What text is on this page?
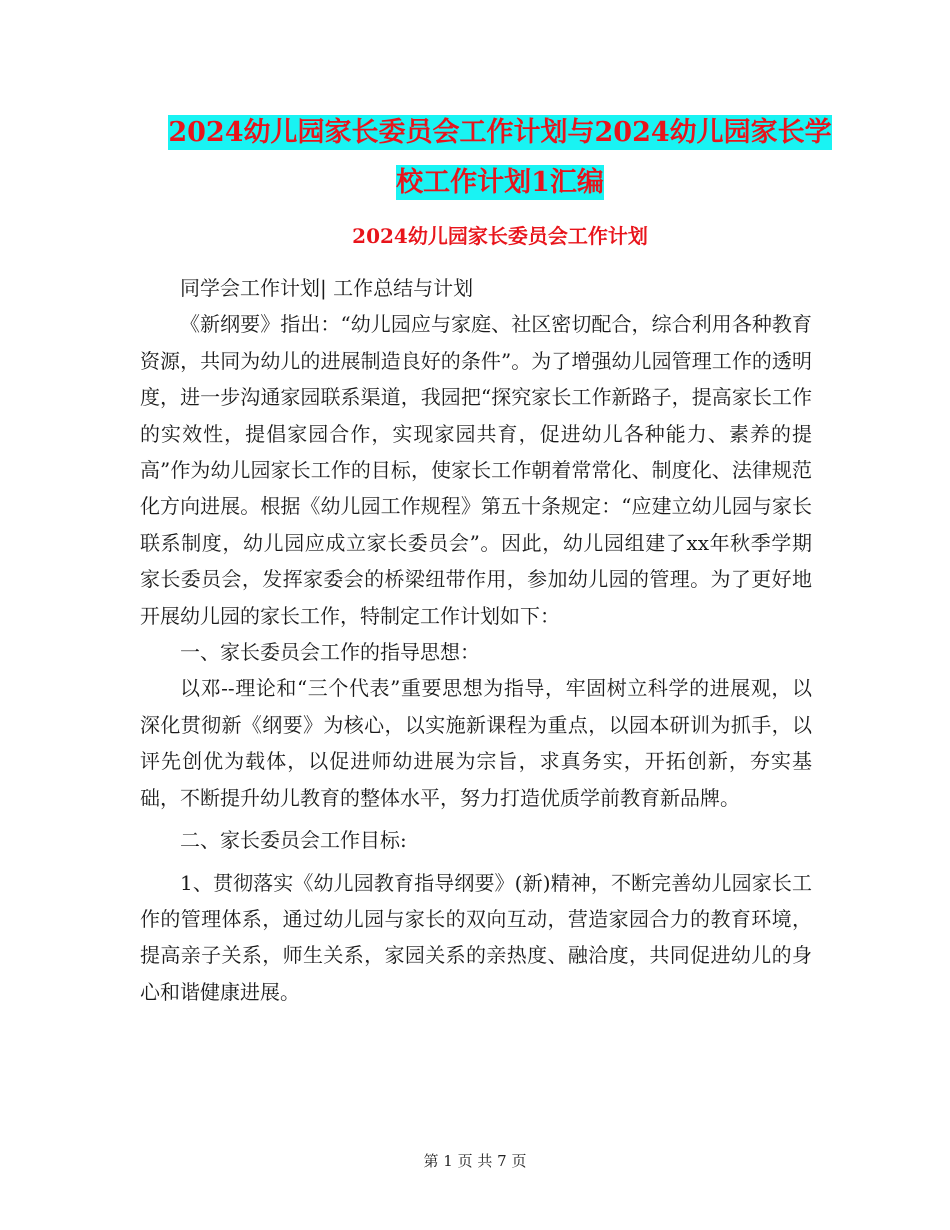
2024幼儿园家长委员会工作计划与2024幼儿园家长学
校工作计划1汇编
2024幼儿园家长委员会工作计划

同学会工作计划| 工作总结与计划

《新纲要》指出：“幼儿园应与家庭、社区密切配合，综合利用各种教育资源，共同为幼儿的进展制造良好的条件”。为了增强幼儿园管理工作的透明度，进一步沟通家园联系渠道，我园把“探究家长工作新路子，提高家长工作的实效性，提倡家园合作，实现家园共育，促进幼儿各种能力、素养的提高”作为幼儿园家长工作的目标，使家长工作朝着常常化、制度化、法律规范化方向进展。根据《幼儿园工作规程》第五十条规定：“应建立幼儿园与家长联系制度，幼儿园应成立家长委员会”。因此，幼儿园组建了xx年秋季学期家长委员会，发挥家委会的桥梁纽带作用，参加幼儿园的管理。为了更好地开展幼儿园的家长工作，特制定工作计划如下：

一、家长委员会工作的指导思想：

以邓--理论和“三个代表”重要思想为指导，牢固树立科学的进展观，以深化贯彻新《纲要》为核心，以实施新课程为重点，以园本研训为抓手，以评先创优为载体，以促进师幼进展为宗旨，求真务实，开拓创新，夯实基础，不断提升幼儿教育的整体水平，努力打造优质学前教育新品牌。

二、家长委员会工作目标:

1、贯彻落实《幼儿园教育指导纲要》(新)精神，不断完善幼儿园家长工作的管理体系，通过幼儿园与家长的双向互动，营造家园合力的教育环境，提高亲子关系，师生关系，家园关系的亲热度、融洽度，共同促进幼儿的身心和谐健康进展。

第 1 页 共 7 页
